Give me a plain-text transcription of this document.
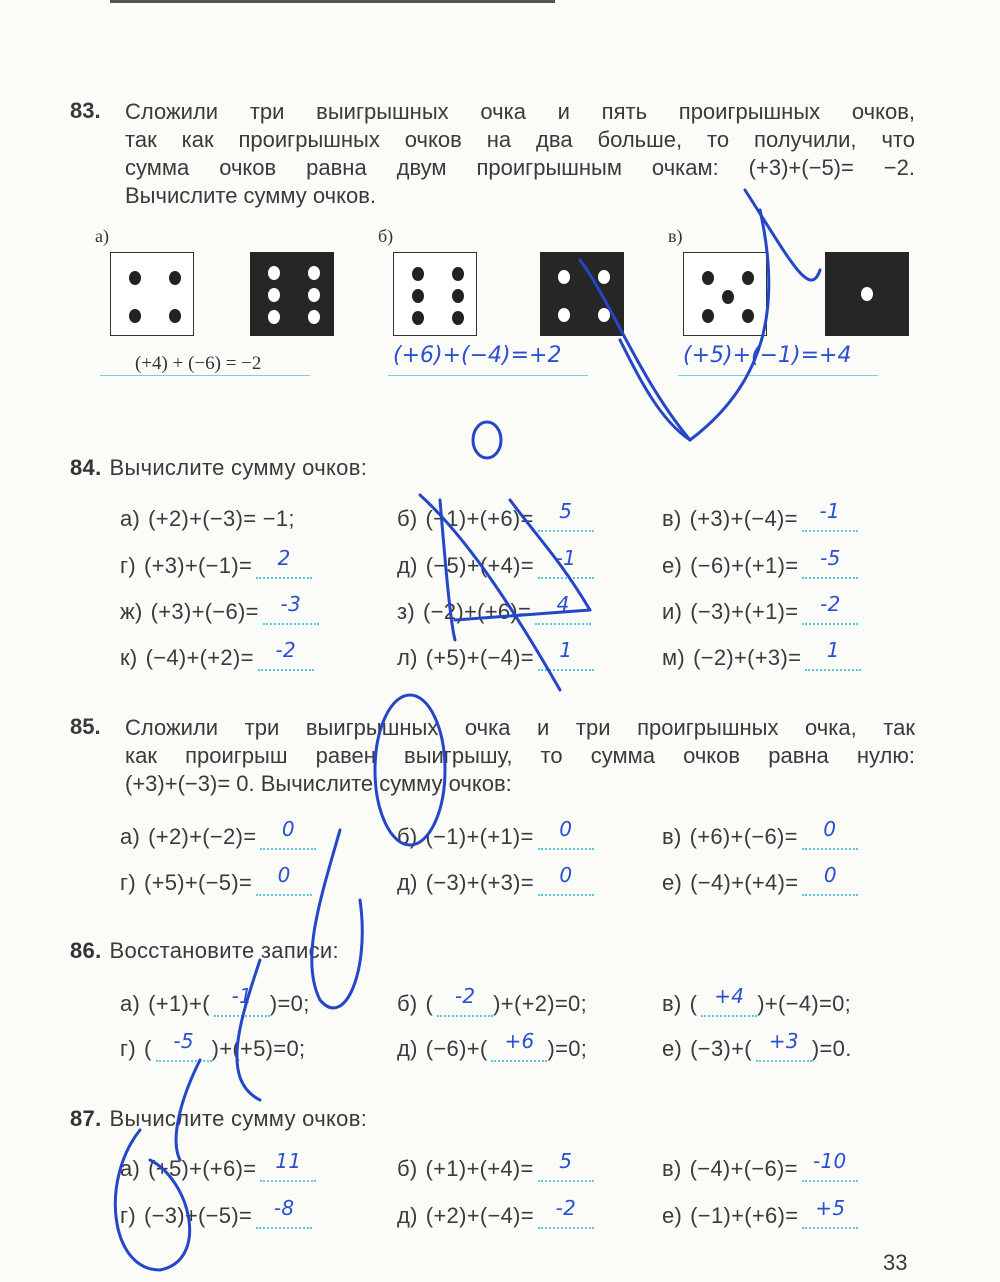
83. Сложили три выигрышных очка и пять проигрышных очков,
так как проигрышных очков на два больше, то получили, что
сумма очков равна двум проигрышным очкам: (+3)+(−5)= −2.
Вычислите сумму очков.
а)
(+4) + (−6) = −2
б)
(+6)+(−4)=+2
в)
(+5)+(−1)=+4
84. Вычислите сумму очков:
а) (+2)+(−3)= −1;	б) (−1)+(+6)= 5	в) (+3)+(−4)= -1
г) (+3)+(−1)= 2	д) (−5)+(+4)= -1	е) (−6)+(+1)= -5
ж) (+3)+(−6)= -3	з) (−2)+(+6)= 4	и) (−3)+(+1)= -2
к) (−4)+(+2)= -2	л) (+5)+(−4)= 1	м) (−2)+(+3)= 1
85. Сложили три выигрышных очка и три проигрышных очка, так
как проигрыш равен выигрышу, то сумма очков равна нулю:
(+3)+(−3)= 0. Вычислите сумму очков:
а) (+2)+(−2)= 0	б) (−1)+(+1)= 0	в) (+6)+(−6)= 0
г) (+5)+(−5)= 0	д) (−3)+(+3)= 0	е) (−4)+(+4)= 0
86. Восстановите записи:
а) (+1)+( -1 )=0;	б) ( -2 )+(+2)=0;	в) ( +4 )+(−4)=0;
г) ( -5 )+(+5)=0;	д) (−6)+( +6 )=0;	е) (−3)+( +3 )=0.
87. Вычислите сумму очков:
а) (+5)+(+6)= 11	б) (+1)+(+4)= 5	в) (−4)+(−6)= -10
г) (−3)+(−5)= -8	д) (+2)+(−4)= -2	е) (−1)+(+6)= +5
33
